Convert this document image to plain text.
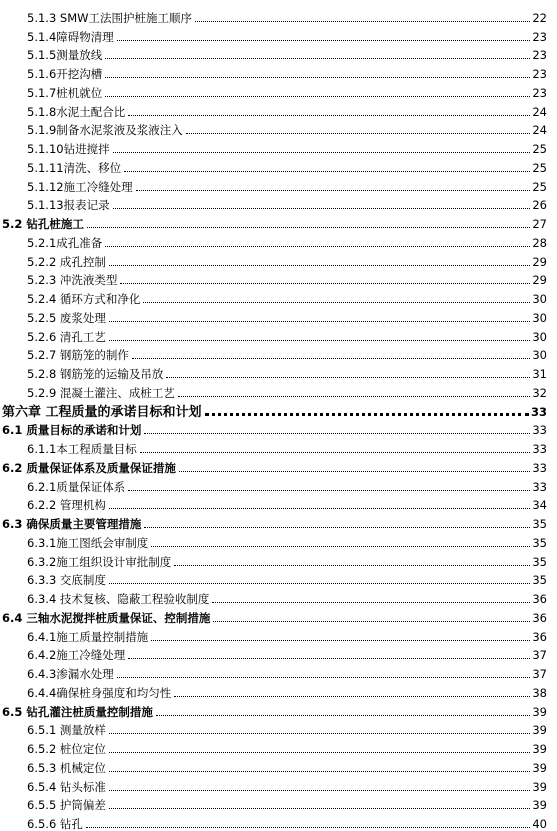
5.1.3 SMW工法围护桩施工顺序	22
5.1.4障碍物清理	23
5.1.5测量放线	23
5.1.6开挖沟槽	23
5.1.7桩机就位	23
5.1.8水泥土配合比	24
5.1.9制备水泥浆液及浆液注入	24
5.1.10钻进搅拌	25
5.1.11清洗、移位	25
5.1.12施工冷缝处理	25
5.1.13报表记录	26
5.2 钻孔桩施工	27
5.2.1成孔准备	28
5.2.2 成孔控制	29
5.2.3 冲洗液类型	29
5.2.4 循环方式和净化	30
5.2.5 废浆处理	30
5.2.6 清孔工艺	30
5.2.7 钢筋笼的制作	30
5.2.8 钢筋笼的运输及吊放	31
5.2.9 混凝土灌注、成桩工艺	32
第六章 工程质量的承诺目标和计划	33
6.1 质量目标的承诺和计划	33
6.1.1本工程质量目标	33
6.2 质量保证体系及质量保证措施	33
6.2.1质量保证体系	33
6.2.2 管理机构	34
6.3 确保质量主要管理措施	35
6.3.1施工图纸会审制度	35
6.3.2施工组织设计审批制度	35
6.3.3 交底制度	35
6.3.4 技术复核、隐蔽工程验收制度	36
6.4 三轴水泥搅拌桩质量保证、控制措施	36
6.4.1施工质量控制措施	36
6.4.2施工冷缝处理	37
6.4.3渗漏水处理	37
6.4.4确保桩身强度和均匀性	38
6.5 钻孔灌注桩质量控制措施	39
6.5.1 测量放样	39
6.5.2 桩位定位	39
6.5.3 机械定位	39
6.5.4 钻头标准	39
6.5.5 护筒偏差	39
6.5.6 钻孔	40
